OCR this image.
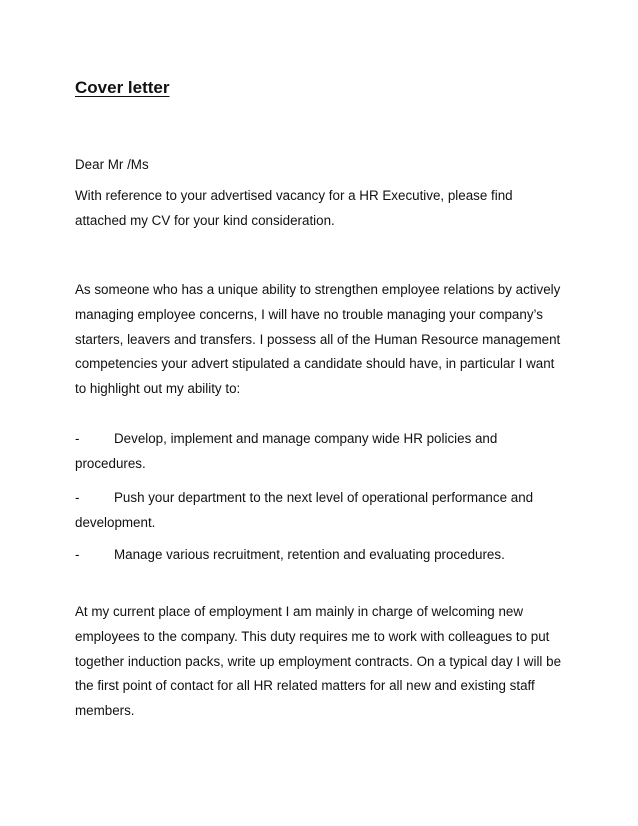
Cover letter

Dear Mr /Ms

With reference to your advertised vacancy for a HR Executive, please find attached my CV for your kind consideration.

As someone who has a unique ability to strengthen employee relations by actively managing employee concerns, I will have no trouble managing your company’s starters, leavers and transfers. I possess all of the Human Resource management competencies your advert stipulated a candidate should have, in particular I want to highlight out my ability to:

-	Develop, implement and manage company wide HR policies and procedures.

-	Push your department to the next level of operational performance and development.

-	Manage various recruitment, retention and evaluating procedures.

At my current place of employment I am mainly in charge of welcoming new employees to the company. This duty requires me to work with colleagues to put together induction packs, write up employment contracts. On a typical day I will be the first point of contact for all HR related matters for all new and existing staff members.
